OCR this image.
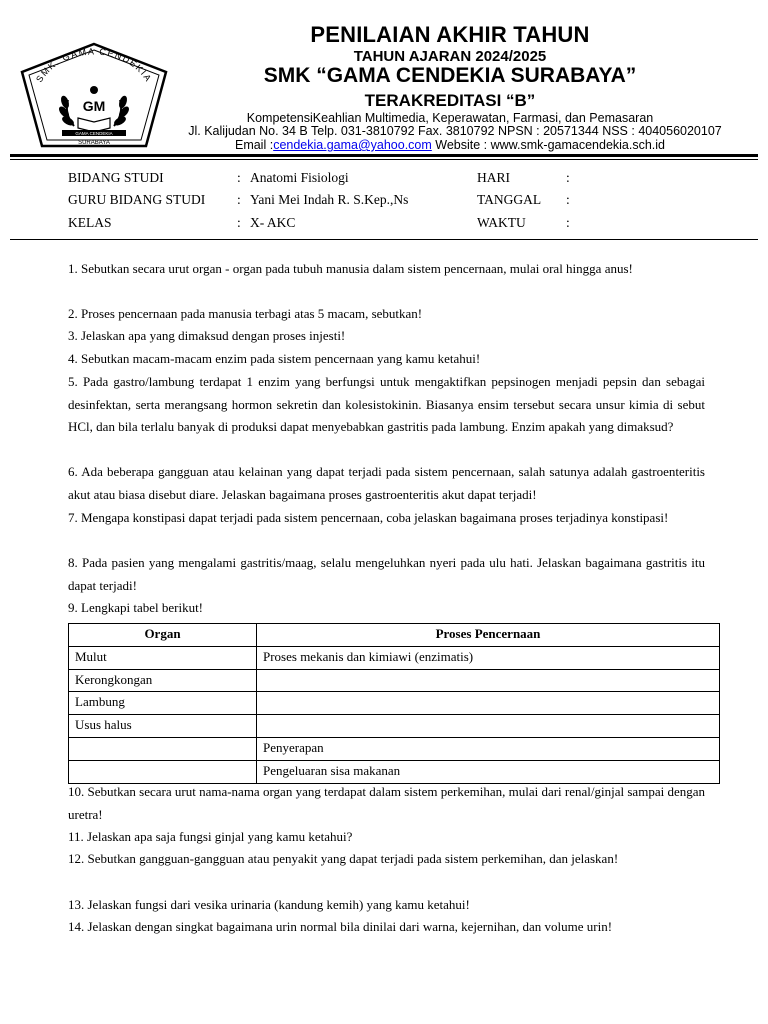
SMK. GAMA CENDEKIA
GM
GAMA CENDEKIA
SURABAYA
PENILAIAN AKHIR TAHUN
TAHUN AJARAN 2024/2025
SMK “GAMA CENDEKIA SURABAYA”
TERAKREDITASI “B”
KompetensiKeahlian Multimedia, Keperawatan, Farmasi, dan Pemasaran
Jl. Kalijudan No. 34 B Telp. 031-3810792 Fax. 3810792 NPSN : 20571344 NSS : 404056020107
Email :cendekia.gama@yahoo.com Website : www.smk-gamacendekia.sch.id
BIDANG STUDI	: Anatomi Fisiologi	HARI	:
GURU BIDANG STUDI : Yani Mei Indah R. S.Kep.,Ns	TANGGAL :
KELAS	: X- AKC	WAKTU	:
1. Sebutkan secara urut organ - organ pada tubuh manusia dalam sistem pencernaan, mulai oral hingga anus!
2. Proses pencernaan pada manusia terbagi atas 5 macam, sebutkan!
3. Jelaskan apa yang dimaksud dengan proses injesti!
4. Sebutkan macam-macam enzim pada sistem pencernaan yang kamu ketahui!
5. Pada gastro/lambung terdapat 1 enzim yang berfungsi untuk mengaktifkan pepsinogen menjadi pepsin dan sebagai desinfektan, serta merangsang hormon sekretin dan kolesistokinin. Biasanya ensim tersebut secara unsur kimia di sebut HCl, dan bila terlalu banyak di produksi dapat menyebabkan gastritis pada lambung. Enzim apakah yang dimaksud?
6. Ada beberapa gangguan atau kelainan yang dapat terjadi pada sistem pencernaan, salah satunya adalah gastroenteritis akut atau biasa disebut diare. Jelaskan bagaimana proses gastroenteritis akut dapat terjadi!
7. Mengapa konstipasi dapat terjadi pada sistem pencernaan, coba jelaskan bagaimana proses terjadinya konstipasi!
8. Pada pasien yang mengalami gastritis/maag, selalu mengeluhkan nyeri pada ulu hati. Jelaskan bagaimana gastritis itu dapat terjadi!
9. Lengkapi tabel berikut!
Organ	Proses Pencernaan
Mulut	Proses mekanis dan kimiawi (enzimatis)
Kerongkongan	
Lambung	
Usus halus	
	Penyerapan
	Pengeluaran sisa makanan
10. Sebutkan secara urut nama-nama organ yang terdapat dalam sistem perkemihan, mulai dari renal/ginjal sampai dengan uretra!
11. Jelaskan apa saja fungsi ginjal yang kamu ketahui?
12. Sebutkan gangguan-gangguan atau penyakit yang dapat terjadi pada sistem perkemihan, dan jelaskan!
13. Jelaskan fungsi dari vesika urinaria (kandung kemih) yang kamu ketahui!
14. Jelaskan dengan singkat bagaimana urin normal bila dinilai dari warna, kejernihan, dan volume urin!
